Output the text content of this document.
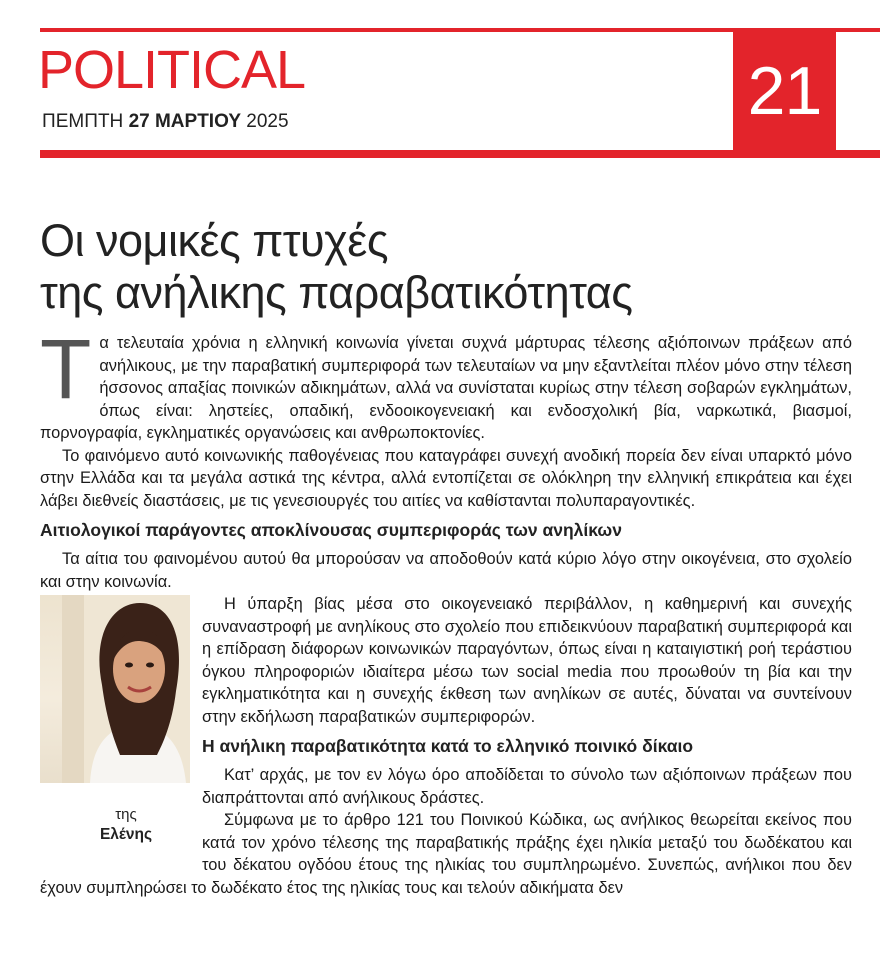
POLITICAL
ΠΕΜΠΤΗ 27 ΜΑΡΤΙΟΥ 2025	21
Οι νομικές πτυχές
της ανήλικης παραβατικότητας

Τα τελευταία χρόνια η ελληνική κοινωνία γίνεται συχνά μάρτυρας τέλεσης αξιόποινων πράξεων από ανήλικους, με την παραβατική συμπεριφορά των τελευταίων να μην εξαντλείται πλέον μόνο στην τέλεση ήσσονος απαξίας ποινικών αδικημάτων, αλλά να συνίσταται κυρίως στην τέλεση σοβαρών εγκλημάτων, όπως είναι: ληστείες, οπαδική, ενδοοικογενειακή και ενδοσχολική βία, ναρκωτικά, βιασμοί, πορνογραφία, εγκληματικές οργανώσεις και ανθρωποκτονίες.

Το φαινόμενο αυτό κοινωνικής παθογένειας που καταγράφει συνεχή ανοδική πορεία δεν είναι υπαρκτό μόνο στην Ελλάδα και τα μεγάλα αστικά της κέντρα, αλλά εντοπίζεται σε ολόκληρη την ελληνική επικράτεια και έχει λάβει διεθνείς διαστάσεις, με τις γενεσιουργές του αιτίες να καθίστανται πολυπαραγοντικές.

Αιτιολογικοί παράγοντες αποκλίνουσας συμπεριφοράς των ανηλίκων

Τα αίτια του φαινομένου αυτού θα μπορούσαν να αποδοθούν κατά κύριο λόγο στην οικογένεια, στο σχολείο και στην κοινωνία.

της
Ελένης
Η ύπαρξη βίας μέσα στο οικογενειακό περιβάλλον, η καθημερινή και συνεχής συναναστροφή με ανηλίκους στο σχολείο που επιδεικνύουν παραβατική συμπεριφορά και η επίδραση διάφορων κοινωνικών παραγόντων, όπως είναι η καταιγιστική ροή τεράστιου όγκου πληροφοριών ιδιαίτερα μέσω των social media που προωθούν τη βία και την εγκληματικότητα και η συνεχής έκθεση των ανηλίκων σε αυτές, δύναται να συντείνουν στην εκδήλωση παραβατικών συμπεριφορών.

Η ανήλικη παραβατικότητα κατά το ελληνικό ποινικό δίκαιο

Κατ’ αρχάς, με τον εν λόγω όρο αποδίδεται το σύνολο των αξιόποινων πράξεων που διαπράττονται από ανήλικους δράστες.

Σύμφωνα με το άρθρο 121 του Ποινικού Κώδικα, ως ανήλικος θεωρείται εκείνος που κατά τον χρόνο τέλεσης της παραβατικής πράξης έχει ηλικία μεταξύ του δωδέκατου και του δέκατου ογδόου έτους της ηλικίας του συμπληρωμένο. Συνεπώς, ανήλικοι που δεν έχουν συμπληρώσει το δωδέκατο έτος της ηλικίας τους και τελούν αδικήματα δεν
